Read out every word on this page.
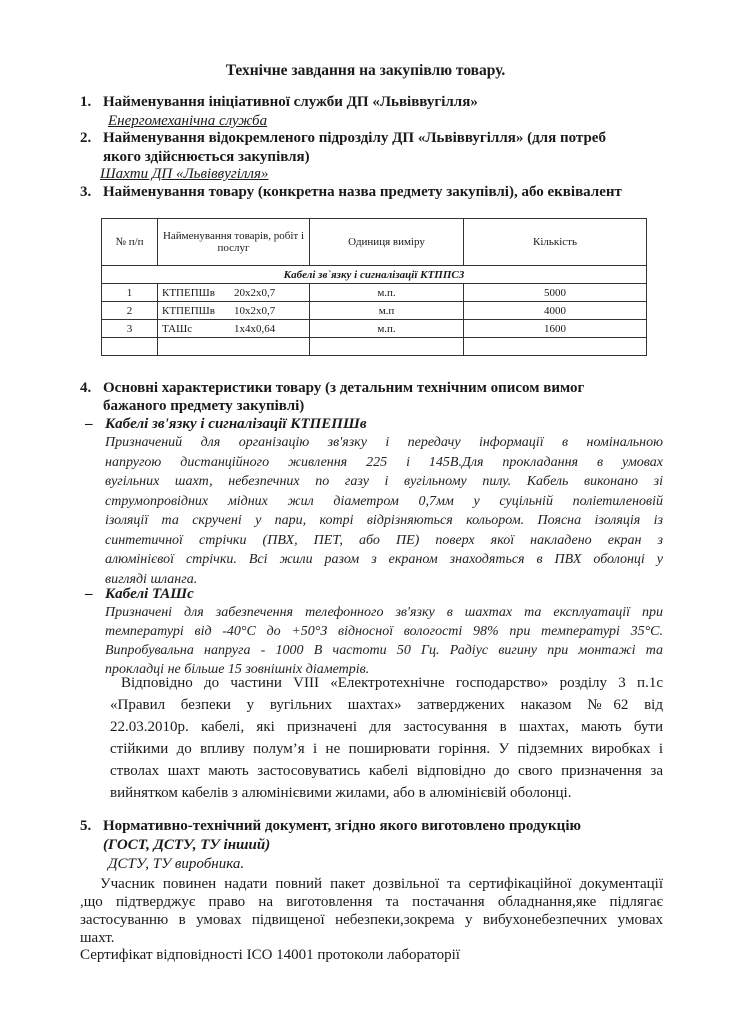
Технічне завдання на закупівлю товару.
1. Найменування ініціативної служби ДП «Львіввугілля»
Енергомеханічна служба
2. Найменування відокремленого підрозділу ДП «Львіввугілля» (для потреб
якого здійснюється закупівля)
Шахти ДП «Львіввугілля»
3. Найменування товару (конкретна назва предмету закупівлі), або еквівалент
№ п/п	Найменування товарів, робіт і послуг	Одиниця виміру	Кількість
Кабелі зв`язку і сигналізації КТППСЗ			
1	КТПЕПШв 20х2х0,7	м.п.	5000
2	КТПЕПШв 10х2х0,7	м.п	4000
3	ТАШс 1х4х0,64	м.п.	1600

4. Основні характеристики товару (з детальним технічним описом вимог
бажаного предмету закупівлі)
– Кабелі зв'язку і сигналізації КТПЕПШв
Призначений для організацію зв'язку і передачу інформації в номінальною
напругою дистанційного живлення 225 і 145В.Для прокладання в умовах
вугільних шахт, небезпечних по газу і вугільному пилу. Кабель виконано зі
струмопровідних мідних жил діаметром 0,7мм у суцільній поліетиленовій
ізоляції та скручені у пари, котрі відрізняються кольором. Поясна ізоляція із
синтетичної стрічки (ПВХ, ПЕТ, або ПЕ) поверх якої накладено екран з
алюмінієвої стрічки. Всі жили разом з екраном знаходяться в ПВХ оболонці у
вигляді шланга.
– Кабелі ТАШс
Призначені для забезпечення телефонного зв'язку в шахтах та експлуатації при
температурі від -40°С до +50°З відносної вологості 98% при температурі 35°С.
Випробувальна напруга - 1000 В частоти 50 Гц. Радіус вигину при монтажі та
прокладці не більше 15 зовнішніх діаметрів.
Відповідно до частини VIII «Електротехнічне господарство» розділу 3 п.1с
«Правил безпеки у вугільних шахтах» затверджених наказом №62 від
22.03.2010р. кабелі, які призначені для застосування в шахтах, мають бути
стійкими до впливу полум’я і не поширювати горіння. У підземних виробках і
стволах шахт мають застосовуватись кабелі відповідно до свого призначення за
вийнятком кабелів з алюмінієвими жилами, або в алюмінієвій оболонці.
5. Нормативно-технічний документ, згідно якого виготовлено продукцію
(ГОСТ, ДСТУ, ТУ інший)
ДСТУ, ТУ виробника.
Учасник повинен надати повний пакет дозвільної та сертифікаційної документації
,що підтверджує право на виготовлення та постачання обладнання,яке підлягає
застосуванню в умовах підвищеної небезпеки,зокрема у вибухонебезпечних умовах
шахт.
Сертифікат відповідності ІСО 14001 протоколи лабораторії
